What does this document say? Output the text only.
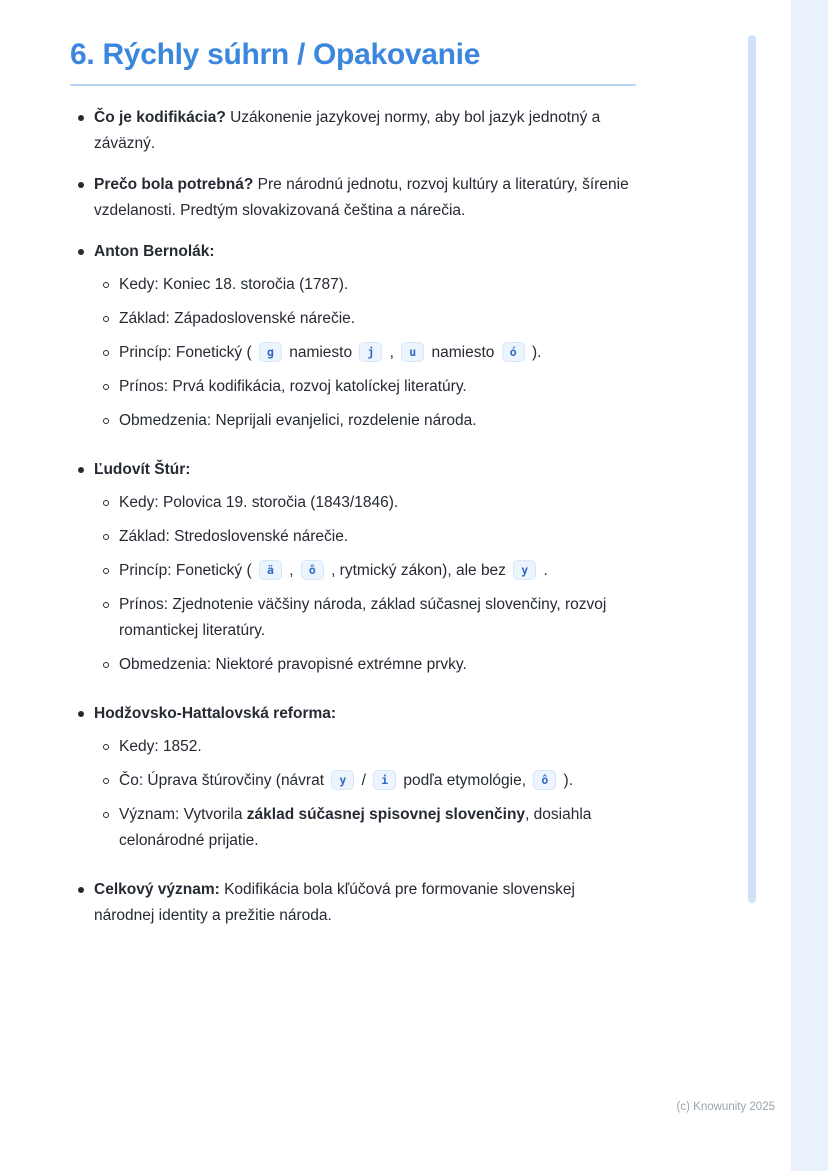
6. Rýchly súhrn / Opakovanie

Čo je kodifikácia? Uzákonenie jazykovej normy, aby bol jazyk jednotný a záväzný.

Prečo bola potrebná? Pre národnú jednotu, rozvoj kultúry a literatúry, šírenie vzdelanosti. Predtým slovakizovaná čeština a nárečia.

Anton Bernolák:

Kedy: Koniec 18. storočia (1787).

Základ: Západoslovenské nárečie.

Princíp: Fonetický ( g namiesto j , u namiesto ó ).

Prínos: Prvá kodifikácia, rozvoj katolíckej literatúry.

Obmedzenia: Neprijali evanjelici, rozdelenie národa.

Ľudovít Štúr:

Kedy: Polovica 19. storočia (1843/1846).

Základ: Stredoslovenské nárečie.

Princíp: Fonetický ( ä , ô , rytmický zákon), ale bez y .

Prínos: Zjednotenie väčšiny národa, základ súčasnej slovenčiny, rozvoj romantickej literatúry.

Obmedzenia: Niektoré pravopisné extrémne prvky.

Hodžovsko-Hattalovská reforma:

Kedy: 1852.

Čo: Úprava štúrovčiny (návrat y / i podľa etymológie, ô ).

Význam: Vytvorila základ súčasnej spisovnej slovenčiny, dosiahla celonárodné prijatie.

Celkový význam: Kodifikácia bola kľúčová pre formovanie slovenskej národnej identity a prežitie národa.

(c) Knowunity 2025
